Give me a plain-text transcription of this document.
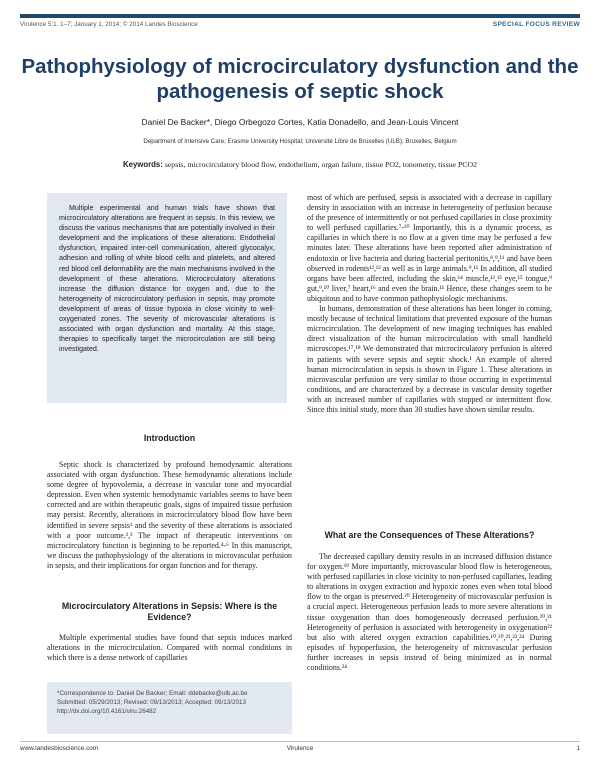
Virulence 5:1, 1–7; January 1, 2014; © 2014 Landes Bioscience	SPECIAL FOCUS REVIEW
Pathophysiology of microcirculatory dysfunction and the pathogenesis of septic shock
Daniel De Backer*, Diego Orbegozo Cortes, Katia Donadello, and Jean-Louis Vincent
Department of Intensive Care; Erasme University Hospital; Université Libre de Bruxelles (ULB); Bruxelles, Belgium
Keywords: sepsis, microcirculatory blood flow, endothelium, organ failure, tissue PO2, tonometry, tissue PCO2
Multiple experimental and human trials have shown that microcirculatory alterations are frequent in sepsis. In this review, we discuss the various mechanisms that are potentially involved in their development and the implications of these alterations. Endothelial dysfunction, impaired inter-cell communication, altered glycocalyx, adhesion and rolling of white blood cells and platelets, and altered red blood cell deformability are the main mechanisms involved in the development of these alterations. Microcirculatory alterations increase the diffusion distance for oxygen and, due to the heterogeneity of microcirculatory perfusion in sepsis, may promote development of areas of tissue hypoxia in close vicinity to well-oxygenated zones. The severity of microvascular alterations is associated with organ dysfunction and mortality. At this stage, therapies to specifically target the microcirculation are still being investigated.
Introduction

Septic shock is characterized by profound hemodynamic alterations associated with organ dysfunction. These hemodynamic alterations include some degree of hypovolemia, a decrease in vascular tone and myocardial depression. Even when systemic hemodynamic variables seems to have been corrected and are within therapeutic goals, signs of impaired tissue perfusion may persist. Recently, alterations in microcirculatory blood flow have been identified in severe sepsis¹ and the severity of these alterations is associated with a poor outcome.²,³ The impact of therapeutic interventions on microcirculatory function is beginning to be reported.⁴-⁶ In this manuscript, we discuss the pathophysiology of the alterations in microvascular perfusion in sepsis, and their implications for organ function and for therapy.

Microcirculatory Alterations in Sepsis: Where is the Evidence?

Multiple experimental studies have found that sepsis induces marked alterations in the microcirculation. Compared with normal conditions in which there is a dense network of capillaries

*Correspondence to: Daniel De Backer; Email: ddebacke@ulb.ac.be
Submitted: 05/29/2013; Revised: 09/13/2013; Accepted: 09/13/2013
http://dx.doi.org/10.4161/viru.26482

most of which are perfused, sepsis is associated with a decrease in capillary density in association with an increase in heterogeneity of perfusion because of the presence of intermittently or not perfused capillaries in close proximity to well perfused capillaries.⁷-¹⁰ Importantly, this is a dynamic process, as capillaries in which there is no flow at a given time may be perfused a few minutes later. These alterations have been reported after administration of endotoxin or live bacteria and during bacterial peritonitis,⁸,⁹,¹¹ and have been observed in rodents¹²,¹³ as well as in large animals.⁹,¹¹ In addition, all studied organs have been affected, including the skin,¹⁴ muscle,¹²,¹³ eye,¹⁵ tongue,⁹ gut,⁹,¹⁰ liver,⁷ heart,¹⁶ and even the brain.¹¹ Hence, these changes seem to be ubiquitous and to have common pathophysiologic mechanisms.

In humans, demonstration of these alterations has been longer in coming, mostly because of technical limitations that prevented exposure of the human microcirculation. The development of new imaging techniques has enabled direct visualization of the human microcirculation with small handheld microscopes.¹⁷,¹⁸ We demonstrated that microcirculatory perfusion is altered in patients with severe sepsis and septic shock.¹ An example of altered human microcirculation in sepsis is shown in Figure 1. These alterations in microvascular perfusion are very similar to those occurring in experimental conditions, and are characterized by a decrease in vascular density together with an increased number of capillaries with stopped or intermittent flow. Since this initial study, more than 30 studies have shown similar results.

What are the Consequences of These Alterations?

The decreased capillary density results in an increased diffusion distance for oxygen.¹⁹ More importantly, microvascular blood flow is heterogeneous, with perfused capillaries in close vicinity to non-perfused capillaries, leading to alterations in oxygen extraction and hypoxic zones even when total blood flow to the organ is preserved.²⁰ Heterogeneity of microvascular perfusion is a crucial aspect. Heterogeneous perfusion leads to more severe alterations in tissue oxygenation than does homogeneously decreased perfusion.²⁰,²¹ Heterogeneity of perfusion is associated with heterogeneity in oxygenation²² but also with altered oxygen extraction capabilities.¹⁰,²⁰,²¹,²³,²⁴ During episodes of hypoperfusion, the heterogeneity of microvascular perfusion further increases in sepsis instead of being minimized as in normal conditions.²⁴

www.landesbioscience.com	Virulence	1
